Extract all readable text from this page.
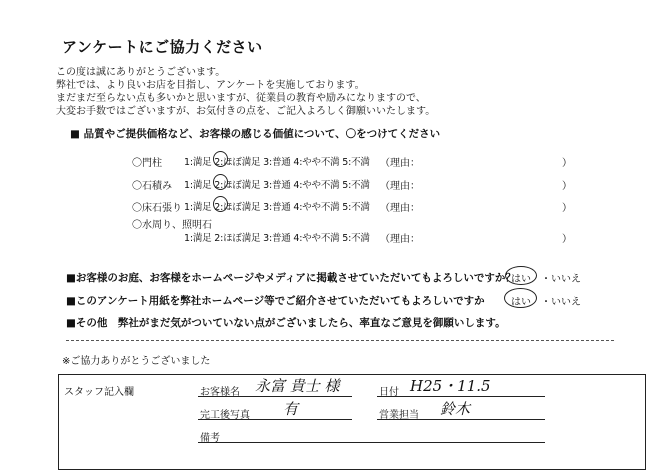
アンケートにご協力ください
この度は誠にありがとうございます。
弊社では、より良いお店を目指し、アンケートを実施しております。
まだまだ至らない点も多いかと思いますが、従業員の教育や励みになりますので、
大変お手数ではございますが、お気付きの点を、ご記入よろしく御願いいたします。
■ 品質やご提供価格など、お客様の感じる価値について、〇をつけてください
〇門柱 1:満足 2:ほぼ満足 3:普通 4:やや不満 5:不満 （理由：	）
〇石積み 1:満足 2:ほぼ満足 3:普通 4:やや不満 5:不満 （理由：	）
〇床石張り 1:満足 2:ほぼ満足 3:普通 4:やや不満 5:不満 （理由：	）
〇水周り、照明石
1:満足 2:ほぼ満足 3:普通 4:やや不満 5:不満 （理由：	）
■お客様のお庭、お客様をホームページやメディアに掲載させていただいてもよろしいですか？
はい ・ いいえ
■このアンケート用紙を弊社ホームページ等でご紹介させていただいてもよろしいですか	はい ・ いいえ
■その他　弊社がまだ気がついていない点がございましたら、率直なご意見を御願いします。
※ご協力ありがとうございました
スタッフ記入欄	お客様名 永富 貴士 様	日付 H25・11.5
完工後写真 有	営業担当 鈴木
備考
